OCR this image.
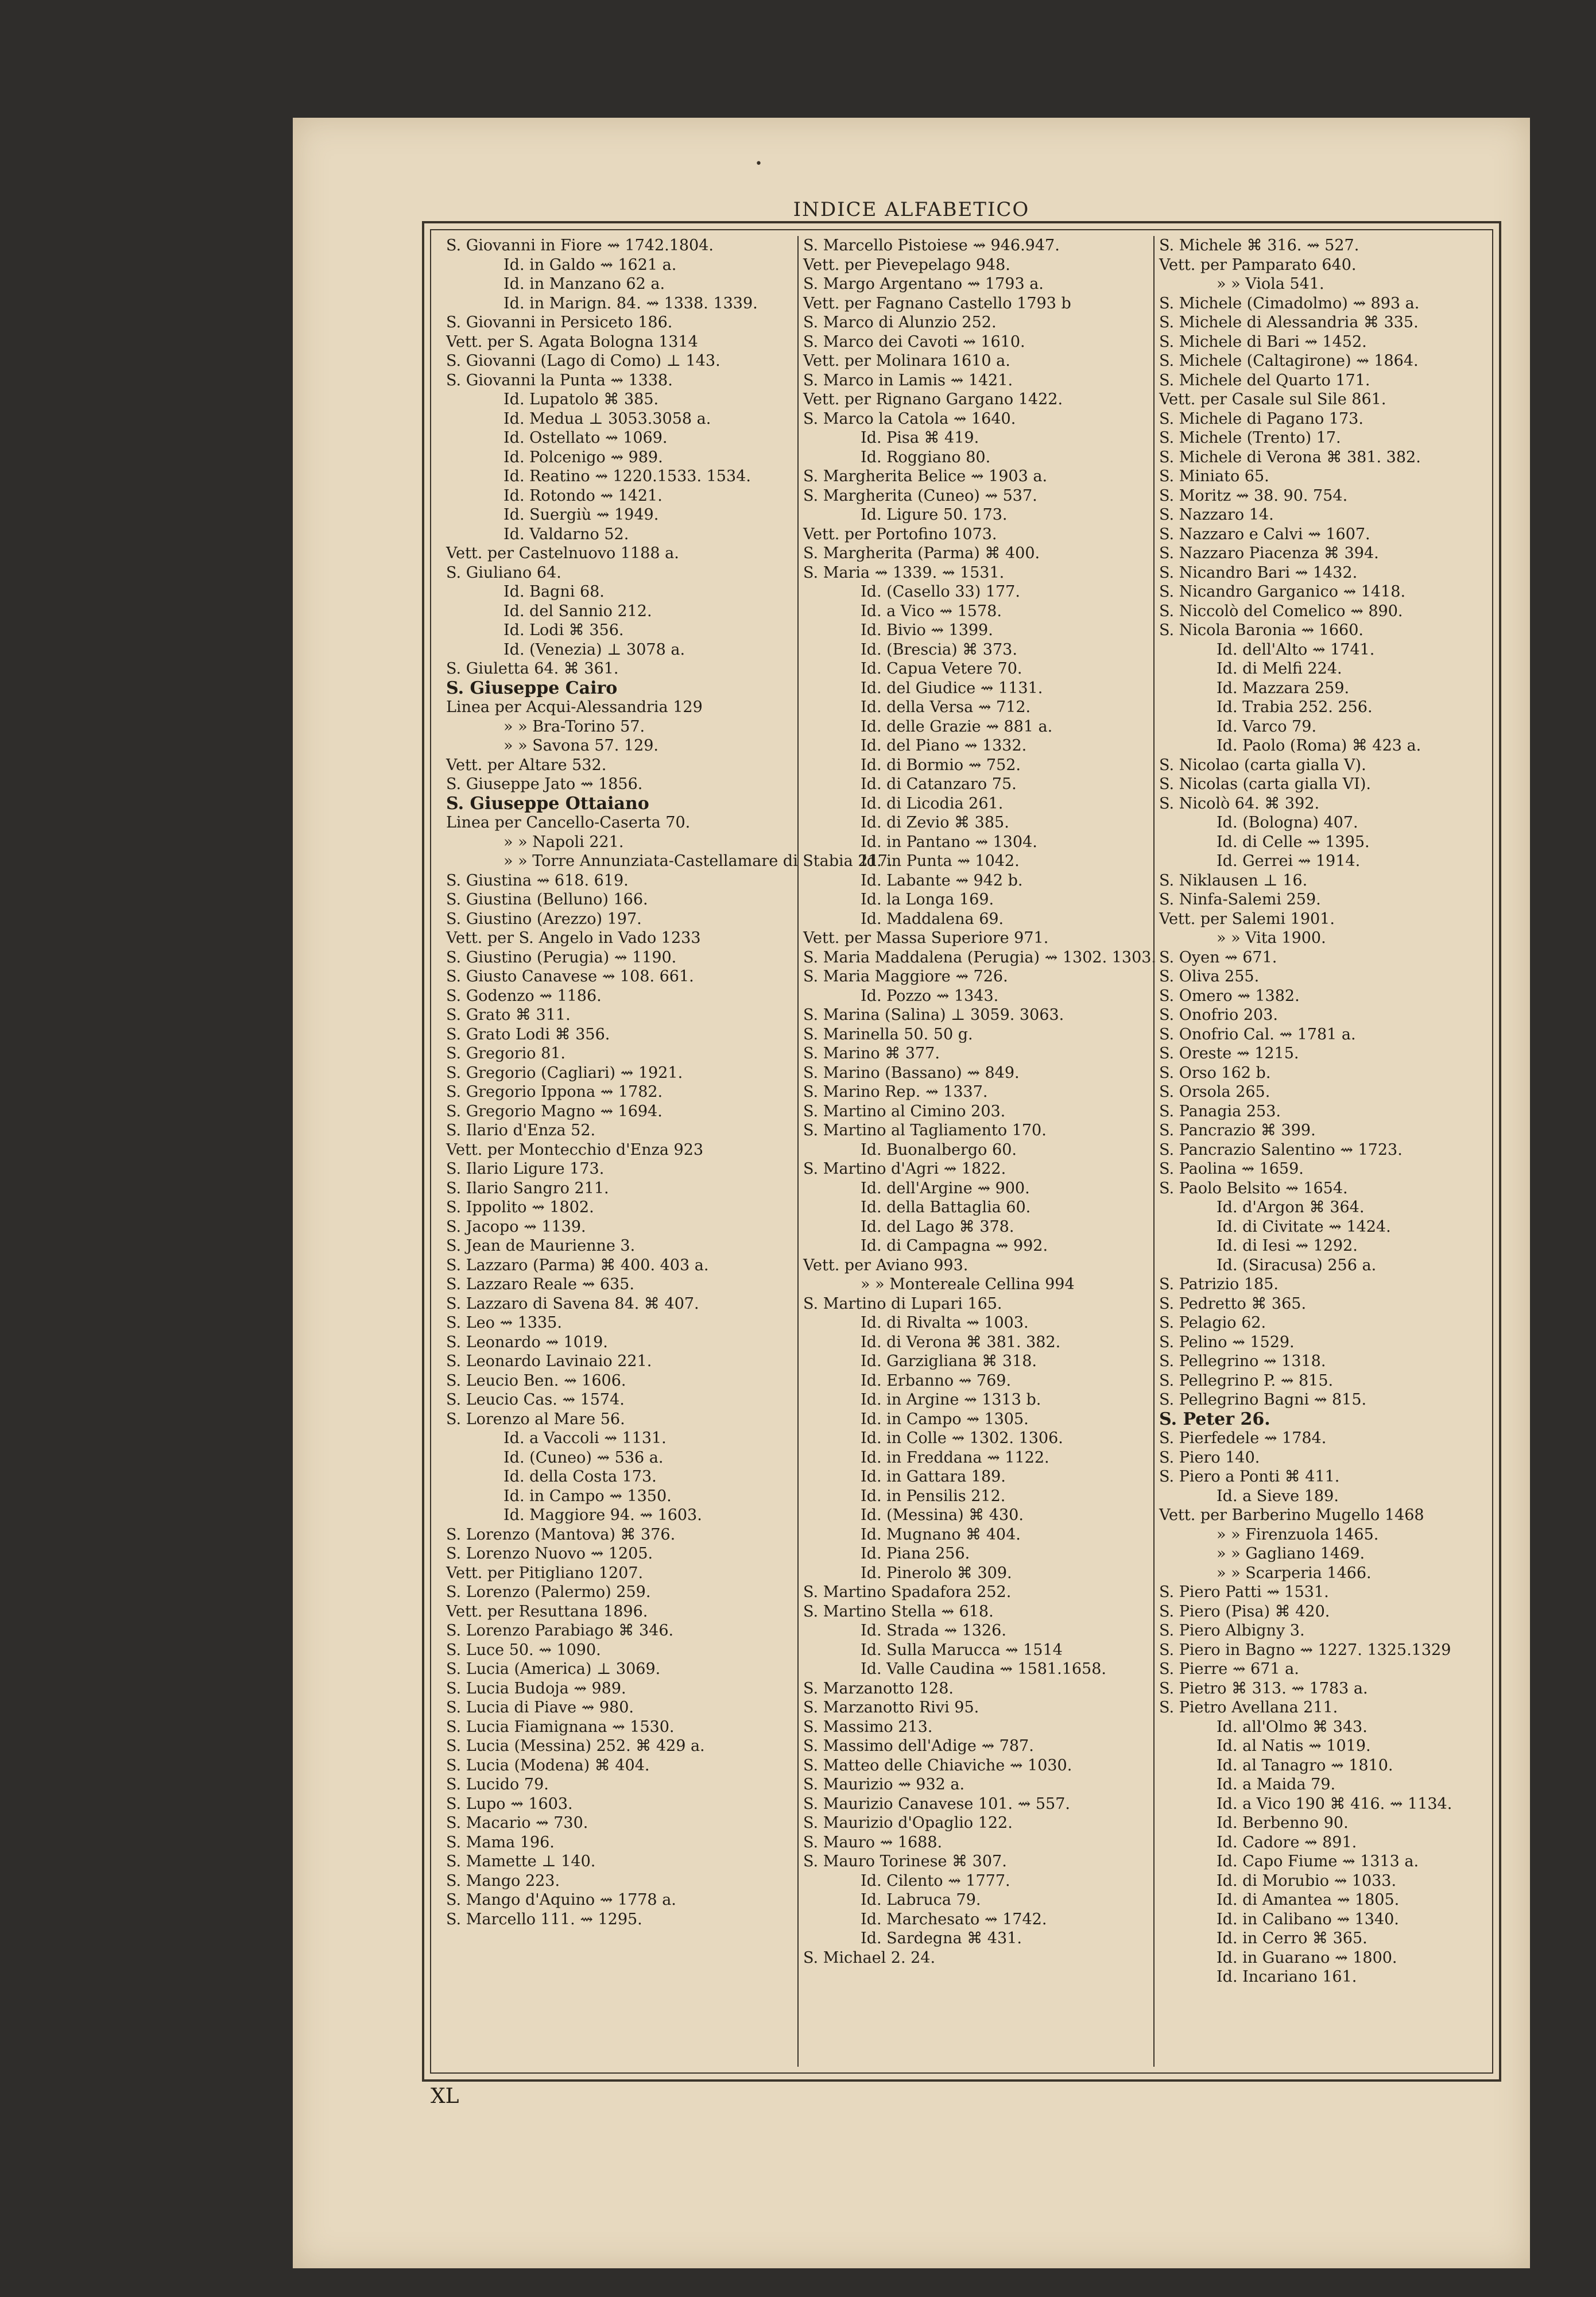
•
INDICE ALFABETICO
S. Giovanni in Fiore ⇝ 1742.1804.
Id. in Galdo ⇝ 1621 a.
Id. in Manzano 62 a.
Id. in Marign. 84. ⇝ 1338. 1339.
S. Giovanni in Persiceto 186.
Vett. per S. Agata Bologna 1314
S. Giovanni (Lago di Como) ⊥ 143.
S. Giovanni la Punta ⇝ 1338.
Id. Lupatolo ⌘ 385.
Id. Medua ⊥ 3053.3058 a.
Id. Ostellato ⇝ 1069.
Id. Polcenigo ⇝ 989.
Id. Reatino ⇝ 1220.1533. 1534.
Id. Rotondo ⇝ 1421.
Id. Suergiù ⇝ 1949.
Id. Valdarno 52.
Vett. per Castelnuovo 1188 a.
S. Giuliano 64.
Id. Bagni 68.
Id. del Sannio 212.
Id. Lodi ⌘ 356.
Id. (Venezia) ⊥ 3078 a.
S. Giuletta 64. ⌘ 361.
S. Giuseppe Cairo
Linea per Acqui-Alessandria 129
» » Bra-Torino 57.
» » Savona 57. 129.
Vett. per Altare 532.
S. Giuseppe Jato ⇝ 1856.
S. Giuseppe Ottaiano
Linea per Cancello-Caserta 70.
» » Napoli 221.
» » Torre Annunziata-Castellamare di Stabia 217.
S. Giustina ⇝ 618. 619.
S. Giustina (Belluno) 166.
S. Giustino (Arezzo) 197.
Vett. per S. Angelo in Vado 1233
S. Giustino (Perugia) ⇝ 1190.
S. Giusto Canavese ⇝ 108. 661.
S. Godenzo ⇝ 1186.
S. Grato ⌘ 311.
S. Grato Lodi ⌘ 356.
S. Gregorio 81.
S. Gregorio (Cagliari) ⇝ 1921.
S. Gregorio Ippona ⇝ 1782.
S. Gregorio Magno ⇝ 1694.
S. Ilario d'Enza 52.
Vett. per Montecchio d'Enza 923
S. Ilario Ligure 173.
S. Ilario Sangro 211.
S. Ippolito ⇝ 1802.
S. Jacopo ⇝ 1139.
S. Jean de Maurienne 3.
S. Lazzaro (Parma) ⌘ 400. 403 a.
S. Lazzaro Reale ⇝ 635.
S. Lazzaro di Savena 84. ⌘ 407.
S. Leo ⇝ 1335.
S. Leonardo ⇝ 1019.
S. Leonardo Lavinaio 221.
S. Leucio Ben. ⇝ 1606.
S. Leucio Cas. ⇝ 1574.
S. Lorenzo al Mare 56.
Id. a Vaccoli ⇝ 1131.
Id. (Cuneo) ⇝ 536 a.
Id. della Costa 173.
Id. in Campo ⇝ 1350.
Id. Maggiore 94. ⇝ 1603.
S. Lorenzo (Mantova) ⌘ 376.
S. Lorenzo Nuovo ⇝ 1205.
Vett. per Pitigliano 1207.
S. Lorenzo (Palermo) 259.
Vett. per Resuttana 1896.
S. Lorenzo Parabiago ⌘ 346.
S. Luce 50. ⇝ 1090.
S. Lucia (America) ⊥ 3069.
S. Lucia Budoja ⇝ 989.
S. Lucia di Piave ⇝ 980.
S. Lucia Fiamignana ⇝ 1530.
S. Lucia (Messina) 252. ⌘ 429 a.
S. Lucia (Modena) ⌘ 404.
S. Lucido 79.
S. Lupo ⇝ 1603.
S. Macario ⇝ 730.
S. Mama 196.
S. Mamette ⊥ 140.
S. Mango 223.
S. Mango d'Aquino ⇝ 1778 a.
S. Marcello 111. ⇝ 1295.
S. Marcello Pistoiese ⇝ 946.947.
Vett. per Pievepelago 948.
S. Margo Argentano ⇝ 1793 a.
Vett. per Fagnano Castello 1793 b
S. Marco di Alunzio 252.
S. Marco dei Cavoti ⇝ 1610.
Vett. per Molinara 1610 a.
S. Marco in Lamis ⇝ 1421.
Vett. per Rignano Gargano 1422.
S. Marco la Catola ⇝ 1640.
Id. Pisa ⌘ 419.
Id. Roggiano 80.
S. Margherita Belice ⇝ 1903 a.
S. Margherita (Cuneo) ⇝ 537.
Id. Ligure 50. 173.
Vett. per Portofino 1073.
S. Margherita (Parma) ⌘ 400.
S. Maria ⇝ 1339. ⇝ 1531.
Id. (Casello 33) 177.
Id. a Vico ⇝ 1578.
Id. Bivio ⇝ 1399.
Id. (Brescia) ⌘ 373.
Id. Capua Vetere 70.
Id. del Giudice ⇝ 1131.
Id. della Versa ⇝ 712.
Id. delle Grazie ⇝ 881 a.
Id. del Piano ⇝ 1332.
Id. di Bormio ⇝ 752.
Id. di Catanzaro 75.
Id. di Licodia 261.
Id. di Zevio ⌘ 385.
Id. in Pantano ⇝ 1304.
Id. in Punta ⇝ 1042.
Id. Labante ⇝ 942 b.
Id. la Longa 169.
Id. Maddalena 69.
Vett. per Massa Superiore 971.
S. Maria Maddalena (Perugia) ⇝ 1302. 1303.
S. Maria Maggiore ⇝ 726.
Id. Pozzo ⇝ 1343.
S. Marina (Salina) ⊥ 3059. 3063.
S. Marinella 50. 50 g.
S. Marino ⌘ 377.
S. Marino (Bassano) ⇝ 849.
S. Marino Rep. ⇝ 1337.
S. Martino al Cimino 203.
S. Martino al Tagliamento 170.
Id. Buonalbergo 60.
S. Martino d'Agri ⇝ 1822.
Id. dell'Argine ⇝ 900.
Id. della Battaglia 60.
Id. del Lago ⌘ 378.
Id. di Campagna ⇝ 992.
Vett. per Aviano 993.
» » Montereale Cellina 994
S. Martino di Lupari 165.
Id. di Rivalta ⇝ 1003.
Id. di Verona ⌘ 381. 382.
Id. Garzigliana ⌘ 318.
Id. Erbanno ⇝ 769.
Id. in Argine ⇝ 1313 b.
Id. in Campo ⇝ 1305.
Id. in Colle ⇝ 1302. 1306.
Id. in Freddana ⇝ 1122.
Id. in Gattara 189.
Id. in Pensilis 212.
Id. (Messina) ⌘ 430.
Id. Mugnano ⌘ 404.
Id. Piana 256.
Id. Pinerolo ⌘ 309.
S. Martino Spadafora 252.
S. Martino Stella ⇝ 618.
Id. Strada ⇝ 1326.
Id. Sulla Marucca ⇝ 1514
Id. Valle Caudina ⇝ 1581.1658.
S. Marzanotto 128.
S. Marzanotto Rivi 95.
S. Massimo 213.
S. Massimo dell'Adige ⇝ 787.
S. Matteo delle Chiaviche ⇝ 1030.
S. Maurizio ⇝ 932 a.
S. Maurizio Canavese 101. ⇝ 557.
S. Maurizio d'Opaglio 122.
S. Mauro ⇝ 1688.
S. Mauro Torinese ⌘ 307.
Id. Cilento ⇝ 1777.
Id. Labruca 79.
Id. Marchesato ⇝ 1742.
Id. Sardegna ⌘ 431.
S. Michael 2. 24.
S. Michele ⌘ 316. ⇝ 527.
Vett. per Pamparato 640.
» » Viola 541.
S. Michele (Cimadolmo) ⇝ 893 a.
S. Michele di Alessandria ⌘ 335.
S. Michele di Bari ⇝ 1452.
S. Michele (Caltagirone) ⇝ 1864.
S. Michele del Quarto 171.
Vett. per Casale sul Sile 861.
S. Michele di Pagano 173.
S. Michele (Trento) 17.
S. Michele di Verona ⌘ 381. 382.
S. Miniato 65.
S. Moritz ⇝ 38. 90. 754.
S. Nazzaro 14.
S. Nazzaro e Calvi ⇝ 1607.
S. Nazzaro Piacenza ⌘ 394.
S. Nicandro Bari ⇝ 1432.
S. Nicandro Garganico ⇝ 1418.
S. Niccolò del Comelico ⇝ 890.
S. Nicola Baronia ⇝ 1660.
Id. dell'Alto ⇝ 1741.
Id. di Melfi 224.
Id. Mazzara 259.
Id. Trabia 252. 256.
Id. Varco 79.
Id. Paolo (Roma) ⌘ 423 a.
S. Nicolao (carta gialla V).
S. Nicolas (carta gialla VI).
S. Nicolò 64. ⌘ 392.
Id. (Bologna) 407.
Id. di Celle ⇝ 1395.
Id. Gerrei ⇝ 1914.
S. Niklausen ⊥ 16.
S. Ninfa-Salemi 259.
Vett. per Salemi 1901.
» » Vita 1900.
S. Oyen ⇝ 671.
S. Oliva 255.
S. Omero ⇝ 1382.
S. Onofrio 203.
S. Onofrio Cal. ⇝ 1781 a.
S. Oreste ⇝ 1215.
S. Orso 162 b.
S. Orsola 265.
S. Panagia 253.
S. Pancrazio ⌘ 399.
S. Pancrazio Salentino ⇝ 1723.
S. Paolina ⇝ 1659.
S. Paolo Belsito ⇝ 1654.
Id. d'Argon ⌘ 364.
Id. di Civitate ⇝ 1424.
Id. di Iesi ⇝ 1292.
Id. (Siracusa) 256 a.
S. Patrizio 185.
S. Pedretto ⌘ 365.
S. Pelagio 62.
S. Pelino ⇝ 1529.
S. Pellegrino ⇝ 1318.
S. Pellegrino P. ⇝ 815.
S. Pellegrino Bagni ⇝ 815.
S. Peter 26.
S. Pierfedele ⇝ 1784.
S. Piero 140.
S. Piero a Ponti ⌘ 411.
Id. a Sieve 189.
Vett. per Barberino Mugello 1468
» » Firenzuola 1465.
» » Gagliano 1469.
» » Scarperia 1466.
S. Piero Patti ⇝ 1531.
S. Piero (Pisa) ⌘ 420.
S. Piero Albigny 3.
S. Piero in Bagno ⇝ 1227. 1325.1329
S. Pierre ⇝ 671 a.
S. Pietro ⌘ 313. ⇝ 1783 a.
S. Pietro Avellana 211.
Id. all'Olmo ⌘ 343.
Id. al Natis ⇝ 1019.
Id. al Tanagro ⇝ 1810.
Id. a Maida 79.
Id. a Vico 190 ⌘ 416. ⇝ 1134.
Id. Berbenno 90.
Id. Cadore ⇝ 891.
Id. Capo Fiume ⇝ 1313 a.
Id. di Morubio ⇝ 1033.
Id. di Amantea ⇝ 1805.
Id. in Calibano ⇝ 1340.
Id. in Cerro ⌘ 365.
Id. in Guarano ⇝ 1800.
Id. Incariano 161.
XL
